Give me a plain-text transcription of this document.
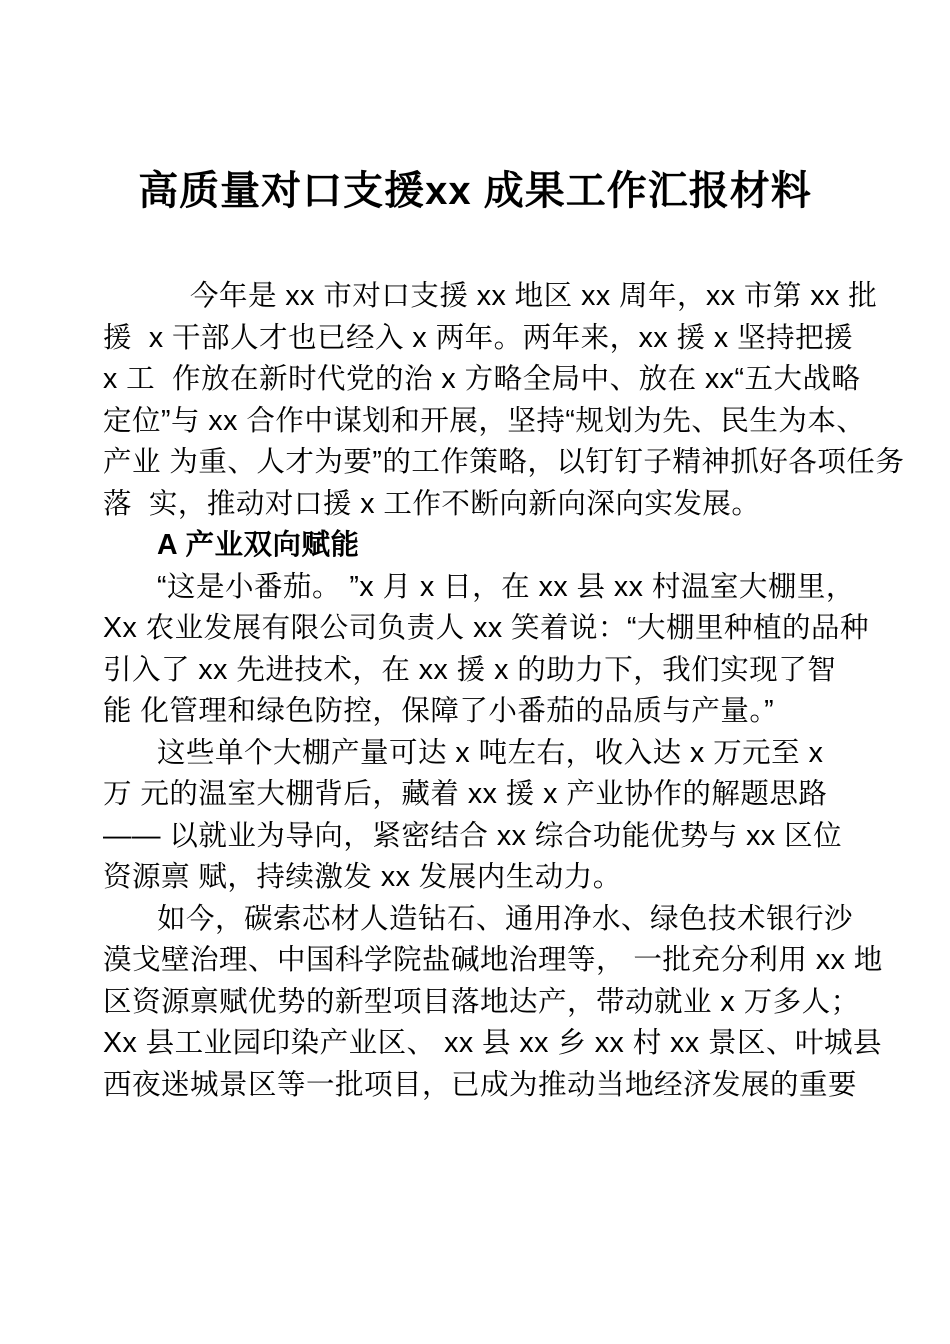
高质量对口支援xx 成果工作汇报材料

今年是 xx 市对口支援 xx 地区 xx 周年，xx 市第 xx 批

援  x 干部人才也已经入 x 两年。两年来，xx 援 x 坚持把援

x 工  作放在新时代党的治 x 方略全局中、放在 xx“五大战略

定位”与 xx 合作中谋划和开展，坚持“规划为先、民生为本、

产业 为重、人才为要”的工作策略，以钉钉子精神抓好各项任务

落  实，推动对口援 x 工作不断向新向深向实发展。

A 产业双向赋能

“这是小番茄。 ”x 月 x 日，在 xx 县 xx 村温室大棚里，

Xx 农业发展有限公司负责人 xx 笑着说：“大棚里种植的品种

引入了 xx 先进技术，在 xx 援 x 的助力下，我们实现了智

能 化管理和绿色防控，保障了小番茄的品质与产量。”

这些单个大棚产量可达 x 吨左右，收入达 x 万元至 x

万 元的温室大棚背后，藏着 xx 援 x 产业协作的解题思路

—— 以就业为导向，紧密结合 xx 综合功能优势与 xx 区位

资源禀 赋，持续激发 xx 发展内生动力。

如今，碳索芯材人造钻石、通用净水、绿色技术银行沙

漠戈壁治理、中国科学院盐碱地治理等， 一批充分利用 xx 地

区资源禀赋优势的新型项目落地达产，带动就业 x 万多人；

Xx 县工业园印染产业区、 xx 县 xx 乡 xx 村 xx 景区、叶城县

西夜迷城景区等一批项目，已成为推动当地经济发展的重要
